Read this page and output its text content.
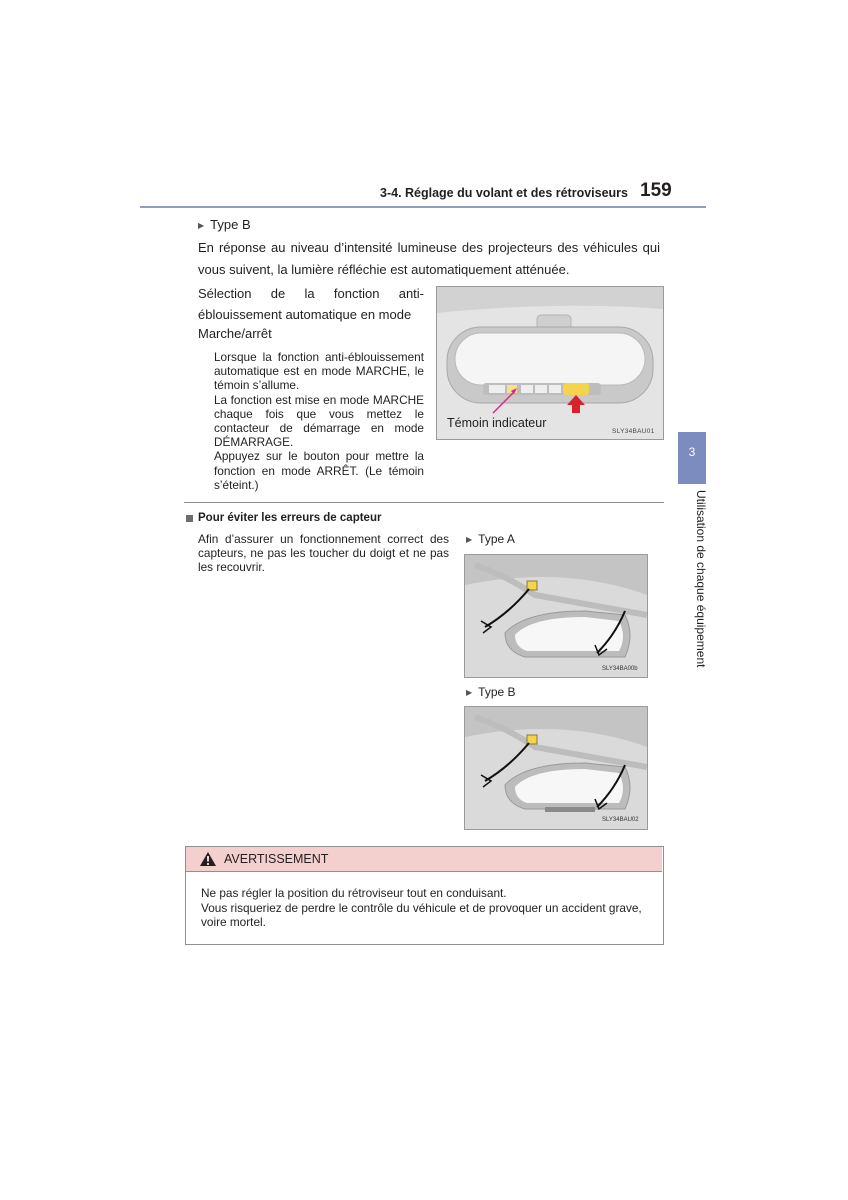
3-4. Réglage du volant et des rétroviseurs 159
▶ Type B
En réponse au niveau d’intensité lumineuse des projecteurs des véhicules qui vous suivent, la lumière réfléchie est automatiquement atténuée.
Sélection de la fonction anti-éblouissement automatique en mode
Marche/arrêt

Lorsque la fonction anti-éblouissement automatique est en mode MARCHE, le témoin s’allume.

La fonction est mise en mode MARCHE chaque fois que vous mettez le contacteur de démarrage en mode DÉMARRAGE.

Appuyez sur le bouton pour mettre la fonction en mode ARRÊT. (Le témoin s’éteint.)

Témoin indicateur
SLY34BAU01
Pour éviter les erreurs de capteur
Afin d’assurer un fonctionnement correct des capteurs, ne pas les toucher du doigt et ne pas les recouvrir.
▶ Type A
SLY34BA00b
▶ Type B
SLY34BAU02
3
Utilisation de chaque équipement
AVERTISSEMENT

Ne pas régler la position du rétroviseur tout en conduisant.

Vous risqueriez de perdre le contrôle du véhicule et de provoquer un accident grave, voire mortel.
